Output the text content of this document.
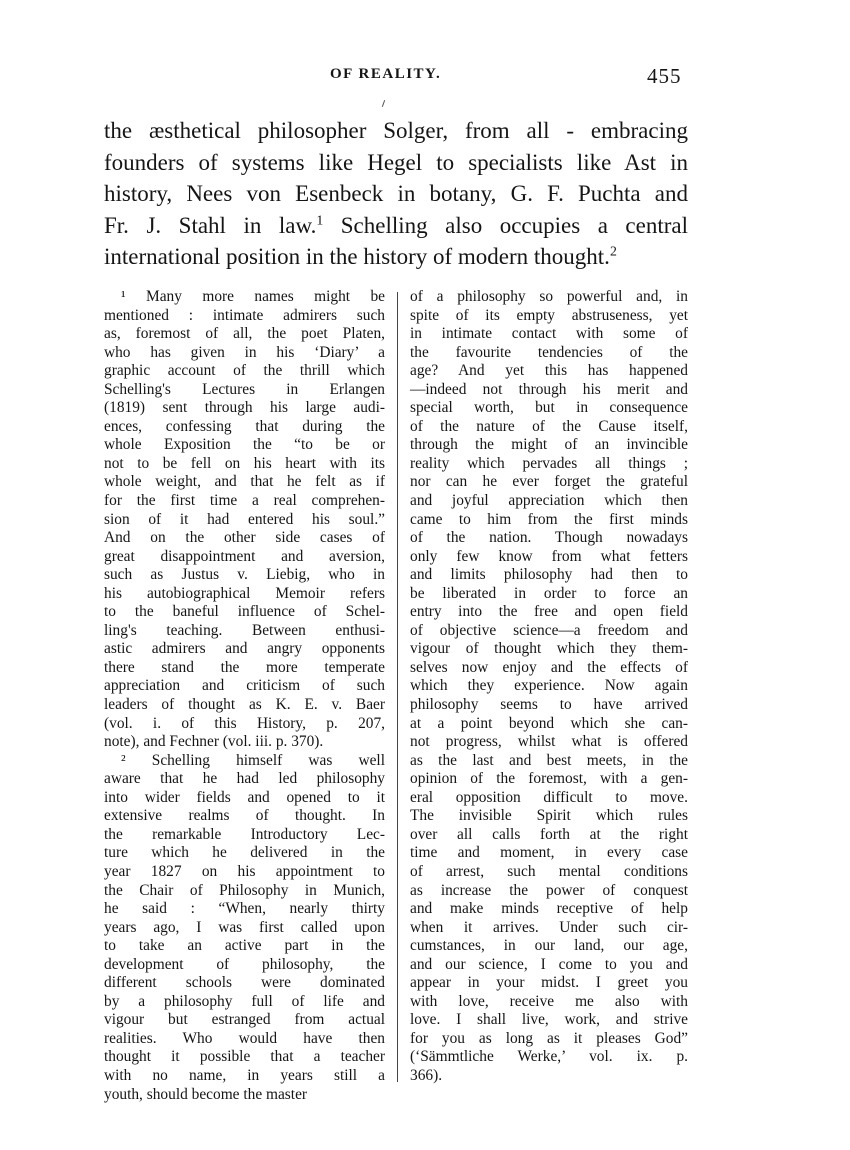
OF REALITY.	455
the æsthetical philosopher Solger, from all - embracing
founders of systems like Hegel to specialists like Ast in
history, Nees von Esenbeck in botany, G. F. Puchta and
Fr. J. Stahl in law.$^1$ Schelling also occupies a central
international position in the history of modern thought.$^2$
¹ Many more names might be
mentioned : intimate admirers such
as, foremost of all, the poet Platen,
who has given in his ‘Diary’ a
graphic account of the thrill which
Schelling's Lectures in Erlangen
(1819) sent through his large audi-
ences, confessing that during the
whole Exposition the “to be or
not to be fell on his heart with its
whole weight, and that he felt as if
for the first time a real comprehen-
sion of it had entered his soul.”
And on the other side cases of
great disappointment and aversion,
such as Justus v. Liebig, who in
his autobiographical Memoir refers
to the baneful influence of Schel-
ling's teaching. Between enthusi-
astic admirers and angry opponents
there stand the more temperate
appreciation and criticism of such
leaders of thought as K. E. v. Baer
(vol. i. of this History, p. 207,
note), and Fechner (vol. iii. p. 370).
² Schelling himself was well
aware that he had led philosophy
into wider fields and opened to it
extensive realms of thought. In
the remarkable Introductory Lec-
ture which he delivered in the
year 1827 on his appointment to
the Chair of Philosophy in Munich,
he said : “When, nearly thirty
years ago, I was first called upon
to take an active part in the
development of philosophy, the
different schools were dominated
by a philosophy full of life and
vigour but estranged from actual
realities. Who would have then
thought it possible that a teacher
with no name, in years still a
youth, should become the master
of a philosophy so powerful and, in
spite of its empty abstruseness, yet
in intimate contact with some of
the favourite tendencies of the
age? And yet this has happened
—indeed not through his merit and
special worth, but in consequence
of the nature of the Cause itself,
through the might of an invincible
reality which pervades all things ;
nor can he ever forget the grateful
and joyful appreciation which then
came to him from the first minds
of the nation. Though nowadays
only few know from what fetters
and limits philosophy had then to
be liberated in order to force an
entry into the free and open field
of objective science—a freedom and
vigour of thought which they them-
selves now enjoy and the effects of
which they experience. Now again
philosophy seems to have arrived
at a point beyond which she can-
not progress, whilst what is offered
as the last and best meets, in the
opinion of the foremost, with a gen-
eral opposition difficult to move.
The invisible Spirit which rules
over all calls forth at the right
time and moment, in every case
of arrest, such mental conditions
as increase the power of conquest
and make minds receptive of help
when it arrives. Under such cir-
cumstances, in our land, our age,
and our science, I come to you and
appear in your midst. I greet you
with love, receive me also with
love. I shall live, work, and strive
for you as long as it pleases God”
(‘Sämmtliche Werke,’ vol. ix. p.
366).
